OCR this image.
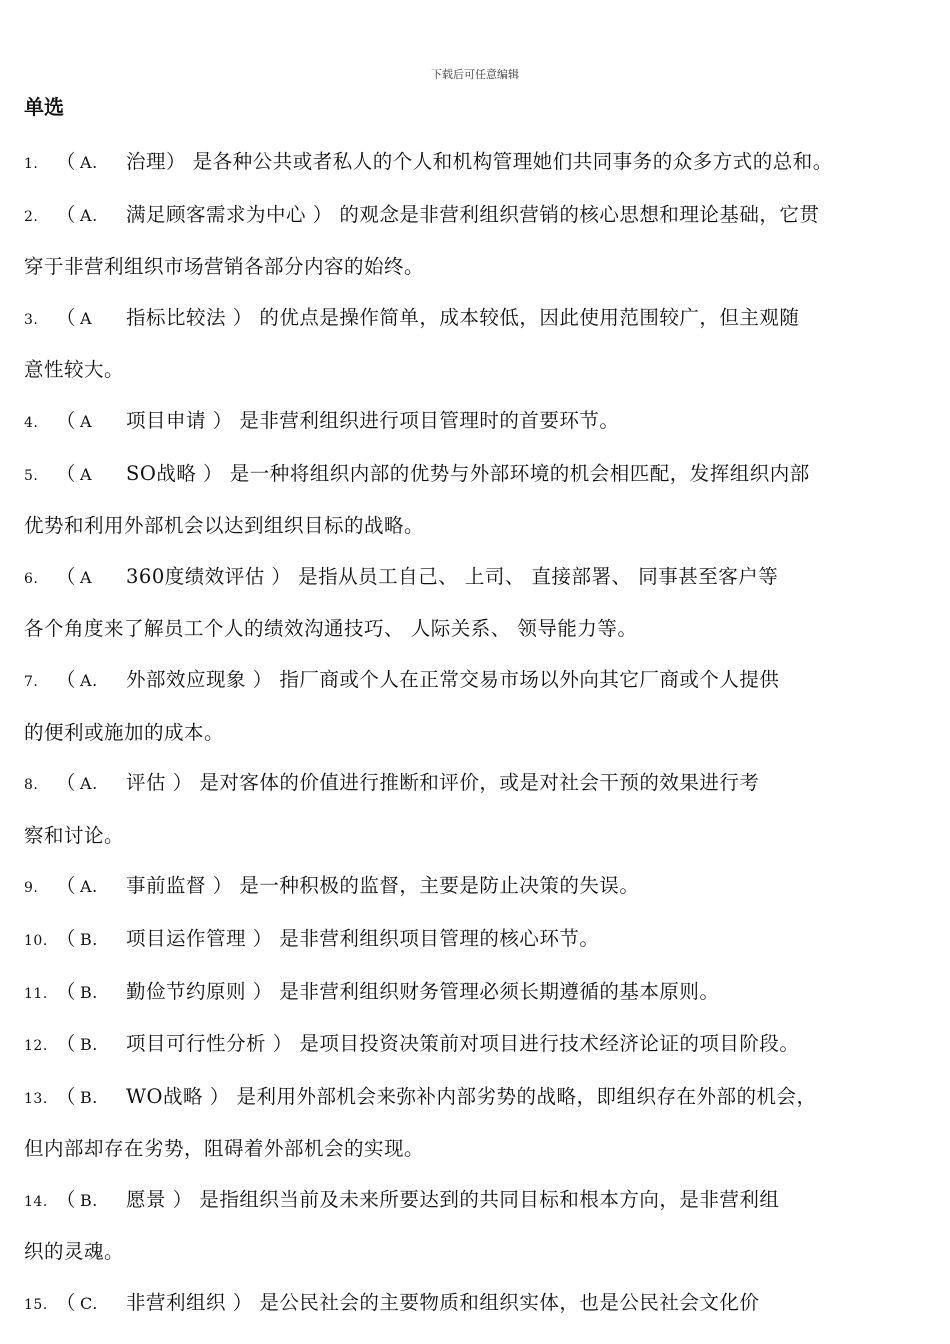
下载后可任意编辑
单选

1. （ A. 治理） 是各种公共或者私人的个人和机构管理她们共同事务的众多方式的总和。

2. （ A. 满足顾客需求为中心 ） 的观念是非营利组织营销的核心思想和理论基础，它贯

穿于非营利组织市场营销各部分内容的始终。

3. （ A 指标比较法 ） 的优点是操作简单，成本较低，因此使用范围较广，但主观随

意性较大。

4. （ A项目申请 ） 是非营利组织进行项目管理时的首要环节。

5. （ A SO战略 ） 是一种将组织内部的优势与外部环境的机会相匹配，发挥组织内部

优势和利用外部机会以达到组织目标的战略。

6. （ A 360度绩效评估 ） 是指从员工自己、 上司、 直接部署、 同事甚至客户等

各个角度来了解员工个人的绩效沟通技巧、 人际关系、 领导能力等。

7. （ A. 外部效应现象 ） 指厂商或个人在正常交易市场以外向其它厂商或个人提供

的便利或施加的成本。

8. （ A. 评估 ） 是对客体的价值进行推断和评价，或是对社会干预的效果进行考

察和讨论。

9. （ A. 事前监督 ） 是一种积极的监督，主要是防止决策的失误。

10. （ B. 项目运作管理 ） 是非营利组织项目管理的核心环节。

11. （ B. 勤俭节约原则 ） 是非营利组织财务管理必须长期遵循的基本原则。

12. （ B. 项目可行性分析 ） 是项目投资决策前对项目进行技术经济论证的项目阶段。

13. （ B. WO战略 ） 是利用外部机会来弥补内部劣势的战略，即组织存在外部的机会，

但内部却存在劣势，阻碍着外部机会的实现。

14. （ B. 愿景 ） 是指组织当前及未来所要达到的共同目标和根本方向，是非营利组

织的灵魂。

15. （C. 非营利组织 ） 是公民社会的主要物质和组织实体，也是公民社会文化价
